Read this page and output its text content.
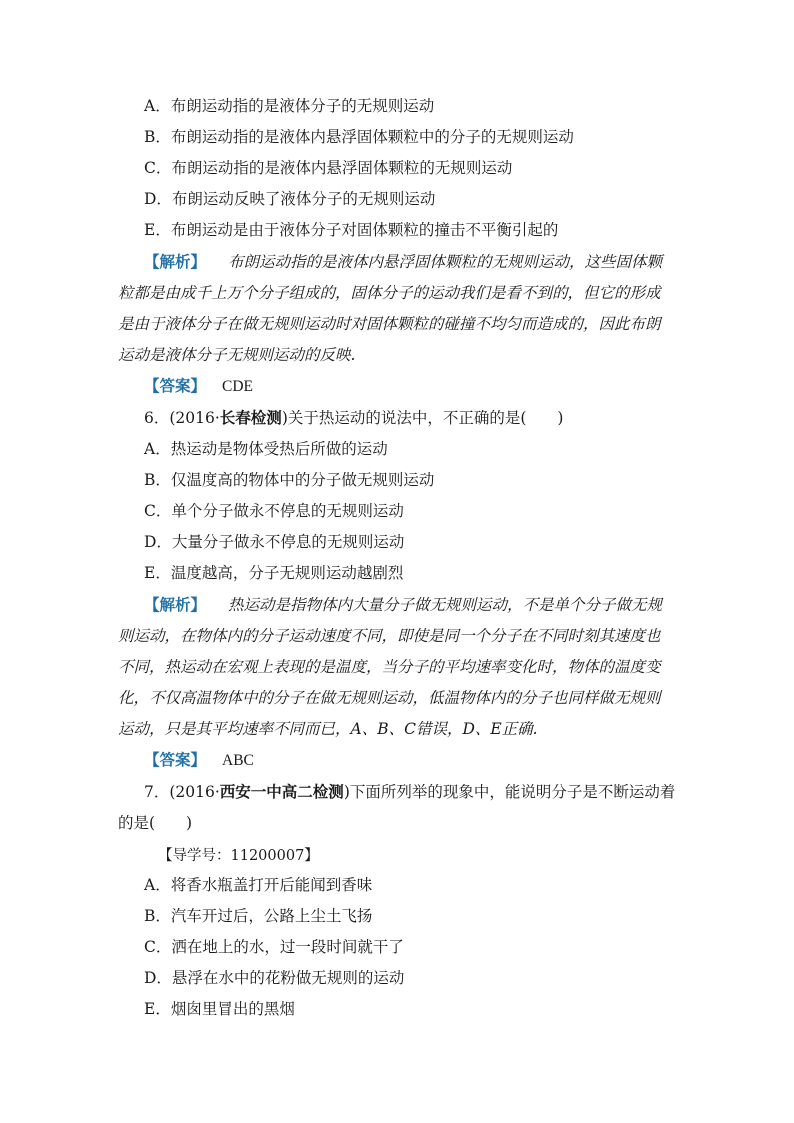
A．布朗运动指的是液体分子的无规则运动
B．布朗运动指的是液体内悬浮固体颗粒中的分子的无规则运动
C．布朗运动指的是液体内悬浮固体颗粒的无规则运动
D．布朗运动反映了液体分子的无规则运动
E．布朗运动是由于液体分子对固体颗粒的撞击不平衡引起的
【解析】 布朗运动指的是液体内悬浮固体颗粒的无规则运动，这些固体颗
粒都是由成千上万个分子组成的，固体分子的运动我们是看不到的，但它的形成
是由于液体分子在做无规则运动时对固体颗粒的碰撞不均匀而造成的，因此布朗
运动是液体分子无规则运动的反映.
【答案】 CDE
6．(2016·长春检测)关于热运动的说法中，不正确的是(　　)
A．热运动是物体受热后所做的运动
B．仅温度高的物体中的分子做无规则运动
C．单个分子做永不停息的无规则运动
D．大量分子做永不停息的无规则运动
E．温度越高，分子无规则运动越剧烈
【解析】 热运动是指物体内大量分子做无规则运动，不是单个分子做无规
则运动，在物体内的分子运动速度不同，即使是同一个分子在不同时刻其速度也
不同，热运动在宏观上表现的是温度，当分子的平均速率变化时，物体的温度变
化，不仅高温物体中的分子在做无规则运动，低温物体内的分子也同样做无规则
运动，只是其平均速率不同而已，A、B、C错误，D、E正确.
【答案】 ABC
7．(2016·西安一中高二检测)下面所列举的现象中，能说明分子是不断运动着
的是(　　)
【导学号：11200007】
A．将香水瓶盖打开后能闻到香味
B．汽车开过后，公路上尘土飞扬
C．洒在地上的水，过一段时间就干了
D．悬浮在水中的花粉做无规则的运动
E．烟囱里冒出的黑烟
